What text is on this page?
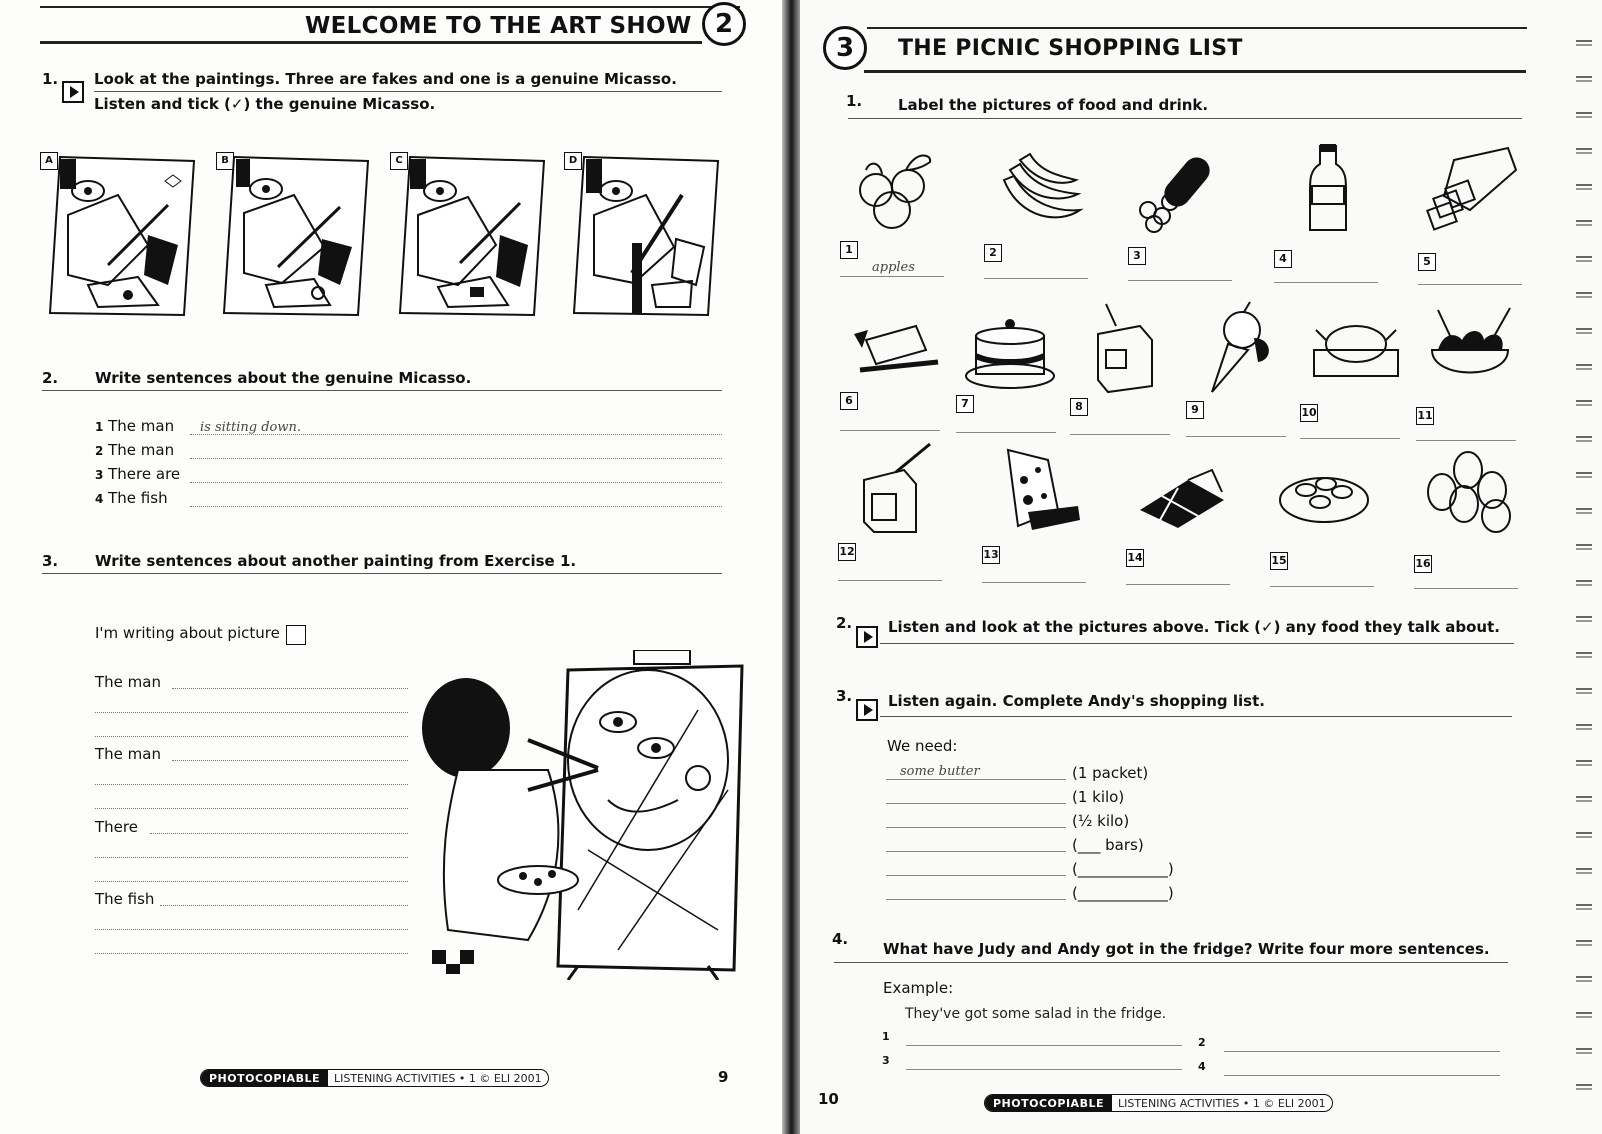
WELCOME TO THE ART SHOW 2
1. Look at the paintings. Three are fakes and one is a genuine Micasso.
Listen and tick (✓) the genuine Micasso.
A	B	C	D
2. Write sentences about the genuine Micasso.
1 The man is sitting down.
2 The man
3 There are
4 The fish
3. Write sentences about another painting from Exercise 1.
I'm writing about picture
The man
The man
There
The fish
PHOTOCOPIABLE	LISTENING ACTIVITIES • 1 © ELI 2001	9
3	THE PICNIC SHOPPING LIST
1. Label the pictures of food and drink.
1
apples
2	3	4	5
6	7	8	9	10	11
12	13	14	15	16
2. Listen and look at the pictures above. Tick (✓) any food they talk about.
3. Listen again. Complete Andy's shopping list.
We need:
some butter	(1 packet)
(1 kilo)
(½ kilo)
(___ bars)
(____________)
(____________)
4.
What have Judy and Andy got in the fridge? Write four more sentences.
Example:
They've got some salad in the fridge.
1	2
3	4
10	PHOTOCOPIABLE	LISTENING ACTIVITIES • 1 © ELI 2001
